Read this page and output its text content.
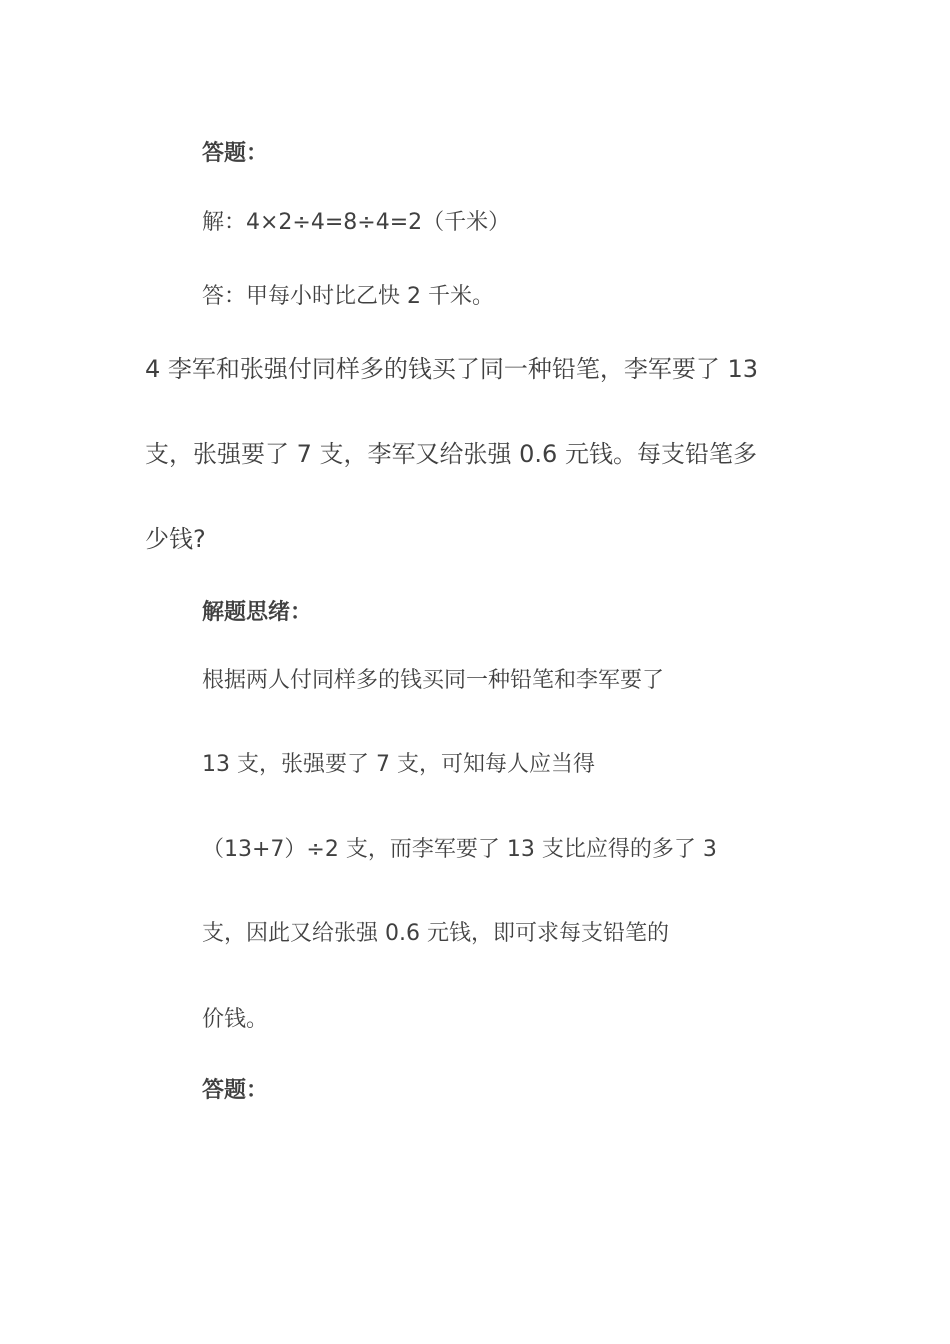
答题：

解：4×2÷4=8÷4=2（千米）

答：甲每小时比乙快 2 千米。

4 李军和张强付同样多的钱买了同一种铅笔，李军要了 13

支，张强要了 7 支，李军又给张强 0.6 元钱。每支铅笔多

少钱?

解题思绪：

根据两人付同样多的钱买同一种铅笔和李军要了

13 支，张强要了 7 支，可知每人应当得

（13+7）÷2 支，而李军要了 13 支比应得的多了 3

支，因此又给张强 0.6 元钱，即可求每支铅笔的

价钱。

答题：
